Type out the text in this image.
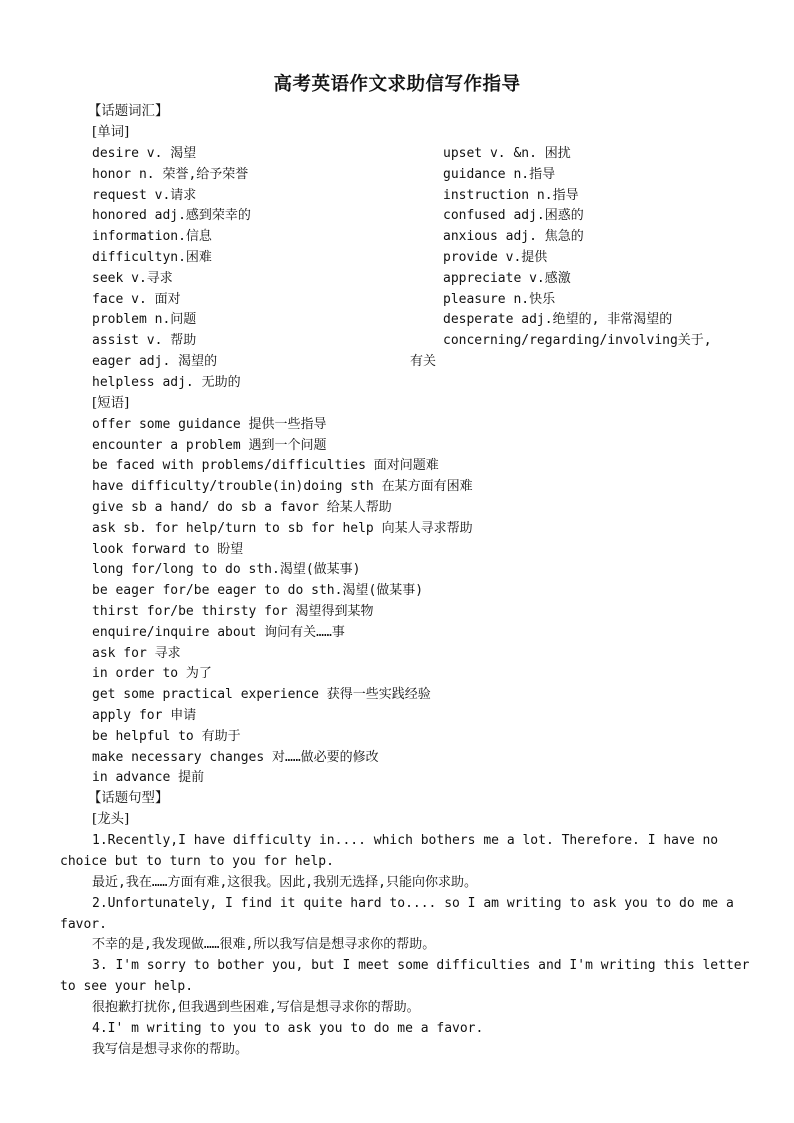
高考英语作文求助信写作指导
【话题词汇】
[单词]
desire v. 渴望
honor n. 荣誉,给予荣誉
request v.请求
honored adj.感到荣幸的
information.信息
difficultyn.困难
seek v.寻求
face v. 面对
problem n.问题
assist v. 帮助
eager adj. 渴望的
helpless adj. 无助的
upset v. &n. 困扰
guidance n.指导
instruction n.指导
confused adj.困惑的
anxious adj. 焦急的
provide v.提供
appreciate v.感激
pleasure n.快乐
desperate adj.绝望的, 非常渴望的
concerning/regarding/involving关于,
有关
[短语]
offer some guidance 提供一些指导
encounter a problem 遇到一个问题
be faced with problems/difficulties 面对问题难
have difficulty/trouble(in)doing sth 在某方面有困难
give sb a hand/ do sb a favor 给某人帮助
ask sb. for help/turn to sb for help 向某人寻求帮助
look forward to 盼望
long for/long to do sth.渴望(做某事)
be eager for/be eager to do sth.渴望(做某事)
thirst for/be thirsty for 渴望得到某物
enquire/inquire about 询问有关……事
ask for 寻求
in order to 为了
get some practical experience 获得一些实践经验
apply for 申请
be helpful to 有助于
make necessary changes 对……做必要的修改
in advance 提前
【话题句型】
[龙头]
1.Recently,I have difficulty in.... which bothers me a lot. Therefore. I have no
choice but to turn to you for help.
最近,我在……方面有难,这很我。因此,我别无选择,只能向你求助。
2.Unfortunately, I find it quite hard to.... so I am writing to ask you to do me a
favor.
不幸的是,我发现做……很难,所以我写信是想寻求你的帮助。
3. I'm sorry to bother you, but I meet some difficulties and I'm writing this letter
to see your help.
很抱歉打扰你,但我遇到些困难,写信是想寻求你的帮助。
4.I' m writing to you to ask you to do me a favor.
我写信是想寻求你的帮助。
